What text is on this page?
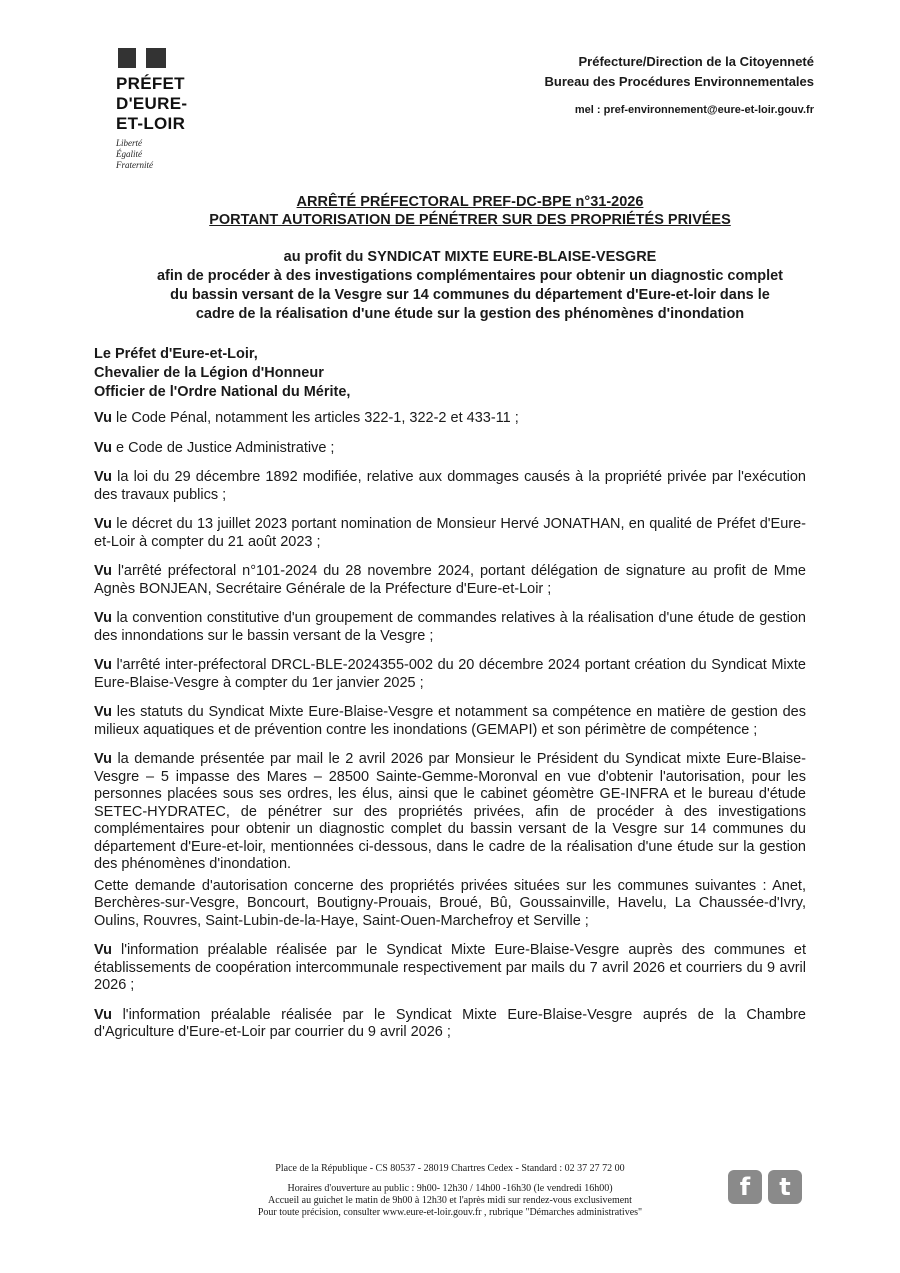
PRÉFET
D'EURE-
ET-LOIR
Liberté
Égalité
Fraternité
Préfecture/Direction de la Citoyenneté
Bureau des Procédures Environnementales
mel : pref-environnement@eure-et-loir.gouv.fr
ARRÊTÉ PRÉFECTORAL PREF-DC-BPE n°31-2026
PORTANT AUTORISATION DE PÉNÉTRER SUR DES PROPRIÉTÉS PRIVÉES
au profit du SYNDICAT MIXTE EURE-BLAISE-VESGRE
afin de procéder à des investigations complémentaires pour obtenir un diagnostic complet
du bassin versant de la Vesgre sur 14 communes du département d'Eure-et-loir dans le
cadre de la réalisation d'une étude sur la gestion des phénomènes d'inondation
Le Préfet d'Eure-et-Loir,
Chevalier de la Légion d'Honneur
Officier de l'Ordre National du Mérite,

Vu le Code Pénal, notamment les articles 322-1, 322-2 et 433-11 ;

Vu e Code de Justice Administrative ;

Vu la loi du 29 décembre 1892 modifiée, relative aux dommages causés à la propriété privée par l'exécution des travaux publics ;

Vu le décret du 13 juillet 2023 portant nomination de Monsieur Hervé JONATHAN, en qualité de Préfet d'Eure-et-Loir à compter du 21 août 2023 ;

Vu l'arrêté préfectoral n°101-2024 du 28 novembre 2024, portant délégation de signature au profit de Mme Agnès BONJEAN, Secrétaire Générale de la Préfecture d'Eure-et-Loir ;

Vu la convention constitutive d'un groupement de commandes relatives à la réalisation d'une étude de gestion des innondations sur le bassin versant de la Vesgre ;

Vu l'arrêté inter-préfectoral DRCL-BLE-2024355-002 du 20 décembre 2024 portant création du Syndicat Mixte Eure-Blaise-Vesgre à compter du 1er janvier 2025 ;

Vu les statuts du Syndicat Mixte Eure-Blaise-Vesgre et notamment sa compétence en matière de gestion des milieux aquatiques et de prévention contre les inondations (GEMAPI) et son périmètre de compétence ;

Vu la demande présentée par mail le 2 avril 2026 par Monsieur le Président du Syndicat mixte Eure-Blaise-Vesgre – 5 impasse des Mares – 28500 Sainte-Gemme-Moronval en vue d'obtenir l'autorisation, pour les personnes placées sous ses ordres, les élus, ainsi que le cabinet géomètre GE-INFRA et le bureau d'étude SETEC-HYDRATEC, de pénétrer sur des propriétés privées, afin de procéder à des investigations complémentaires pour obtenir un diagnostic complet du bassin versant de la Vesgre sur 14 communes du département d'Eure-et-loir, mentionnées ci-dessous, dans le cadre de la réalisation d'une étude sur la gestion des phénomènes d'inondation.

Cette demande d'autorisation concerne des propriétés privées situées sur les communes suivantes : Anet, Berchères-sur-Vesgre, Boncourt, Boutigny-Prouais, Broué, Bû, Goussainville, Havelu, La Chaussée-d'Ivry, Oulins, Rouvres, Saint-Lubin-de-la-Haye, Saint-Ouen-Marchefroy et Serville ;

Vu l'information préalable réalisée par le Syndicat Mixte Eure-Blaise-Vesgre auprès des communes et établissements de coopération intercommunale respectivement par mails du 7 avril 2026 et courriers du 9 avril 2026 ;

Vu l'information préalable réalisée par le Syndicat Mixte Eure-Blaise-Vesgre auprés de la Chambre d'Agriculture d'Eure-et-Loir par courrier du 9 avril 2026 ;

Place de la République - CS 80537 - 28019 Chartres Cedex - Standard : 02 37 27 72 00
Horaires d'ouverture au public : 9h00- 12h30 / 14h00 -16h30 (le vendredi 16h00)
Accueil au guichet le matin de 9h00 à 12h30 et l'après midi sur rendez-vous exclusivement
Pour toute précision, consulter www.eure-et-loir.gouv.fr , rubrique "Démarches administratives"
f	t
